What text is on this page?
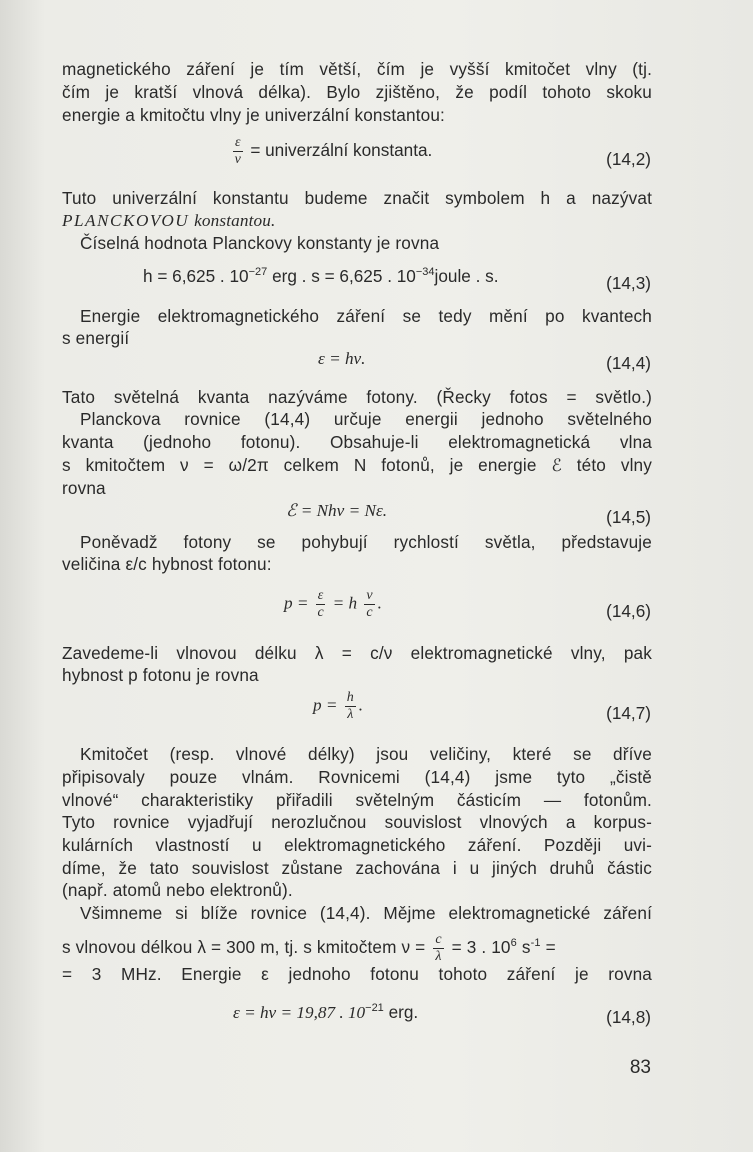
magnetického záření je tím větší, čím je vyšší kmitočet vlny (tj.
čím je kratší vlnová délka). Bylo zjištěno, že podíl tohoto skoku
energie a kmitočtu vlny je univerzální konstantou:
$\frac{\varepsilon}{\nu}$ = univerzální konstanta.	(14,2)
Tuto univerzální konstantu budeme značit symbolem h a nazývat
PLANCKOVOU konstantou.
Číselná hodnota Planckovy konstanty je rovna
h = 6,625 . $10^{-27}$ erg . s = 6,625 . $10^{-34}joule$ . s.	(14,3)
Energie elektromagnetického záření se tedy mění po kvantech
s energií
ε = hν.	(14,4)
Tato světelná kvanta nazýváme fotony. (Řecky fotos = světlo.)
Planckova rovnice (14,4) určuje energii jednoho světelného
kvanta (jednoho fotonu). Obsahuje-li elektromagnetická vlna
s kmitočtem ν = ω/2π celkem N fotonů, je energie ℰ této vlny
rovna
ℰ = Nhν = Nε.	(14,5)
Poněvadž fotony se pohybují rychlostí světla, představuje
veličina ε/c hybnost fotonu:
$p = \frac{\varepsilon}{c} = h \frac{\nu}{c}$ .	(14,6)
Zavedeme-li vlnovou délku λ = c/ν elektromagnetické vlny, pak
hybnost p fotonu je rovna
$p = \frac{h}{\lambda}$ .	(14,7)
Kmitočet (resp. vlnové délky) jsou veličiny, které se dříve
připisovaly pouze vlnám. Rovnicemi (14,4) jsme tyto „čistě
vlnové“ charakteristiky přiřadili světelným částicím — fotonům.
Tyto rovnice vyjadřují nerozlučnou souvislost vlnových a korpus-
kulárních vlastností u elektromagnetického záření. Později uvi-
díme, že tato souvislost zůstane zachována i u jiných druhů částic
(např. atomů nebo elektronů).
Všimneme si blíže rovnice (14,4). Mějme elektromagnetické záření
s vlnovou délkou λ = 300 m, tj. s kmitočtem $\nu = \frac{c}{\lambda} = 3$ . $10^6$ $s^{-1}$ =
= 3 MHz. Energie ε jednoho fotonu tohoto záření je rovna
ε = hν = 19,87 . $10^{-21}$ erg.	(14,8)
83
